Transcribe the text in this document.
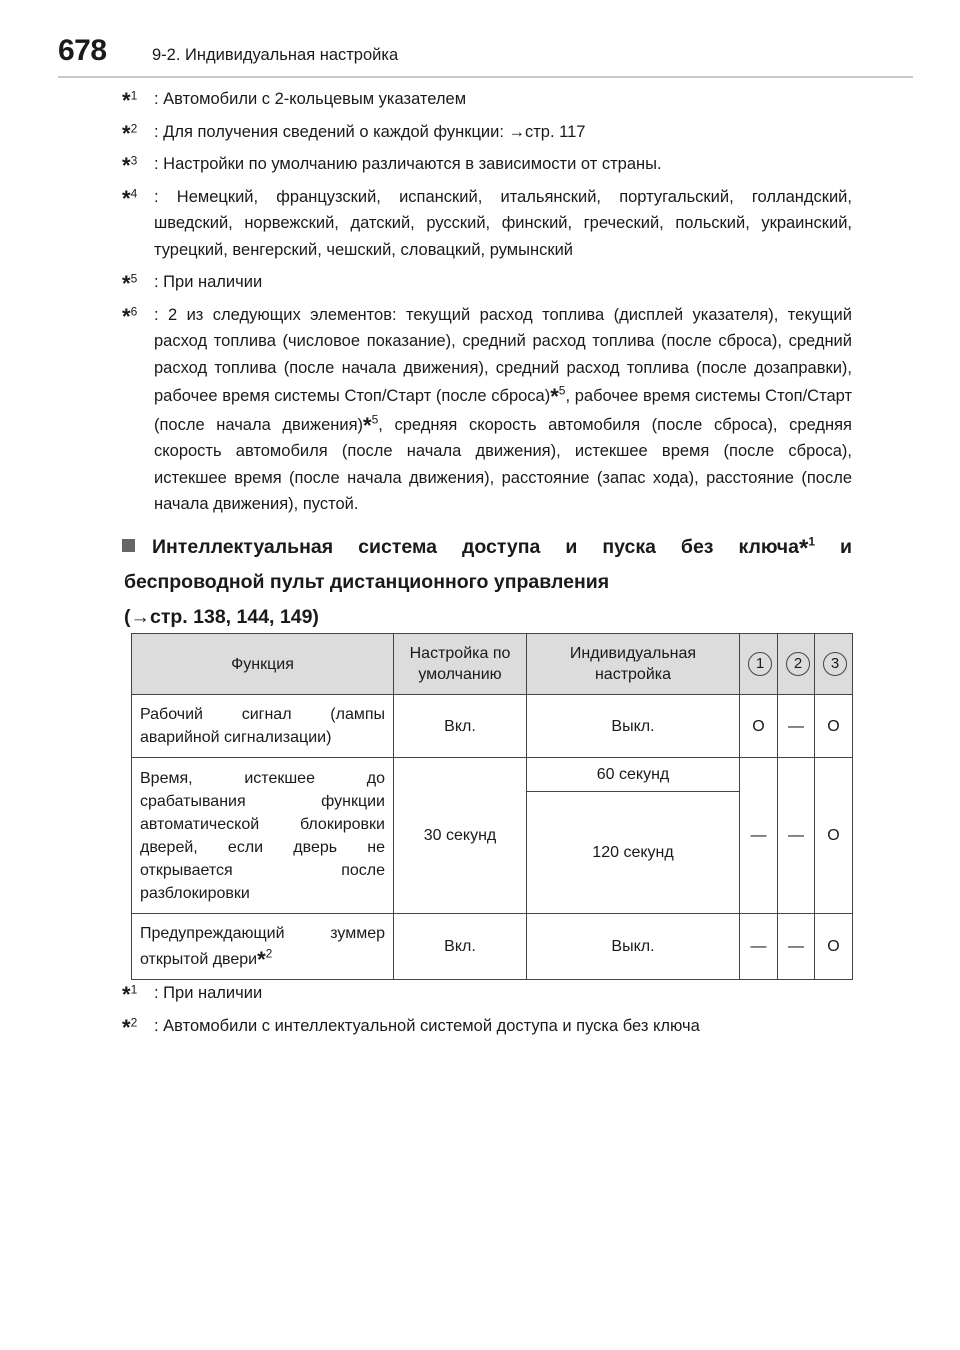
678	9-2. Индивидуальная настройка
*$^1$ : Автомобили с 2-кольцевым указателем
*$^2$ : Для получения сведений о каждой функции: →стр. 117
*$^3$ : Настройки по умолчанию различаются в зависимости от страны.
*$^4$ : Немецкий, французский, испанский, итальянский, португальский, голландский, шведский, норвежский, датский, русский, финский, греческий, польский, украинский, турецкий, венгерский, чешский, словацкий, румынский
*$^5$ : При наличии
*$^6$ : 2 из следующих элементов: текущий расход топлива (дисплей указателя), текущий расход топлива (числовое показание), средний расход топлива (после сброса), средний расход топлива (после начала движения), средний расход топлива (после дозаправки), рабочее время системы Стоп/Старт (после сброса)*$^5$, рабочее время системы Стоп/Старт (после начала движения)*$^5$, средняя скорость автомобиля (после сброса), средняя скорость автомобиля (после начала движения), истекшее время (после сброса), истекшее время (после начала движения), расстояние (запас хода), расстояние (после начала движения), пустой.
Интеллектуальная система доступа и пуска без ключа*$^1$ и
беспроводной пульт дистанционного управления
(→стр. 138, 144, 149)
Функция	Настройка по умолчанию	Индивидуальная настройка	1	2	3
Рабочий сигнал (лампы аварийной сигнализации)	Вкл.	Выкл.	O	—	O
Время, истекшее до срабатывания функции автоматической блокировки дверей, если дверь не открывается после разблокировки	30 секунд	60 секунд	—	—	O
		120 секунд			
Предупреждающий зуммер открытой двери*$^2$	Вкл.	Выкл.	—	—	O
*$^1$ : При наличии
*$^2$ : Автомобили с интеллектуальной системой доступа и пуска без ключа
